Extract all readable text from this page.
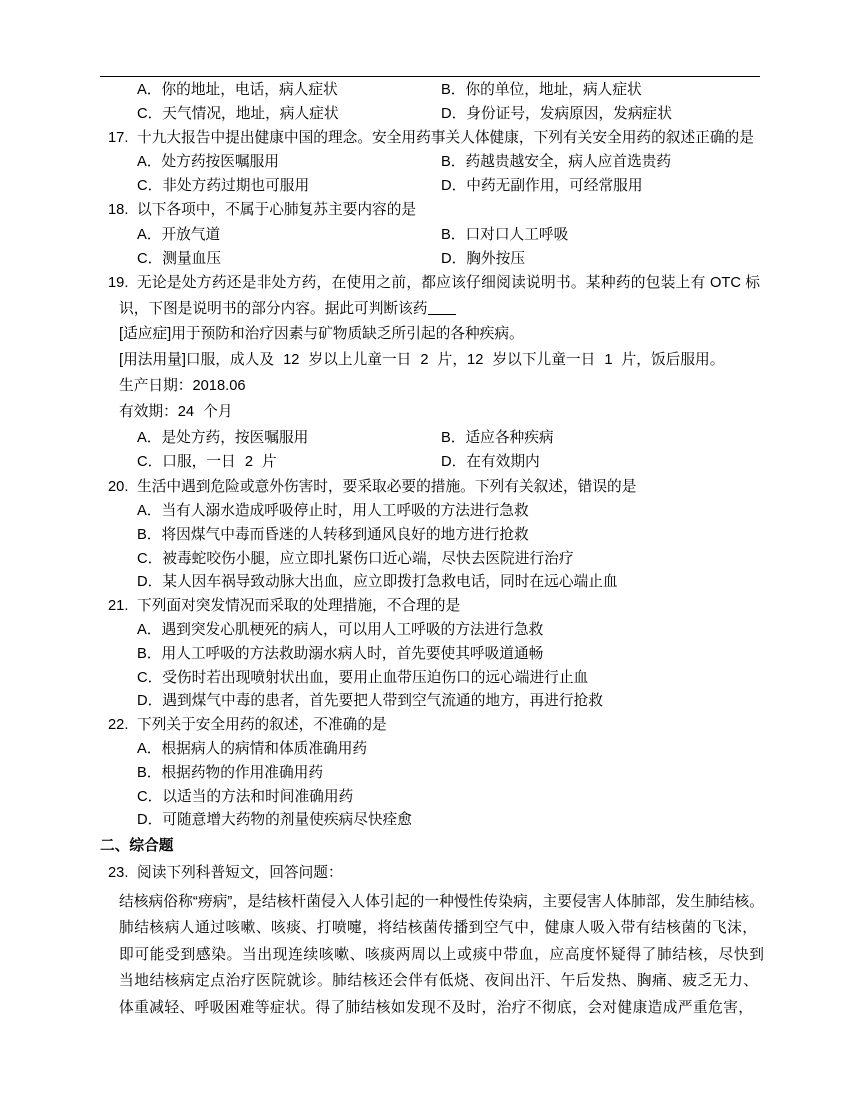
A．你的地址，电话，病人症状	B．你的单位，地址，病人症状
C．天气情况，地址，病人症状	D．身份证号，发病原因，发病症状
17. 十九大报告中提出健康中国的理念。安全用药事关人体健康，下列有关安全用药的叙述正确的是
A．处方药按医嘱服用	B．药越贵越安全，病人应首选贵药
C．非处方药过期也可服用	D．中药无副作用，可经常服用
18. 以下各项中，不属于心肺复苏主要内容的是
A．开放气道	B．口对口人工呼吸
C．测量血压	D．胸外按压
19. 无论是处方药还是非处方药，在使用之前，都应该仔细阅读说明书。某种药的包装上有 OTC 标
识，下图是说明书的部分内容。据此可判断该药
[适应症]用于预防和治疗因素与矿物质缺乏所引起的各种疾病。
[用法用量]口服，成人及 12 岁以上儿童一日 2 片，12 岁以下儿童一日 1 片，饭后服用。
生产日期：2018.06
有效期：24 个月
A．是处方药，按医嘱服用	B．适应各种疾病
C．口服，一日 2 片	D．在有效期内
20. 生活中遇到危险或意外伤害时，要采取必要的措施。下列有关叙述，错误的是
A．当有人溺水造成呼吸停止时，用人工呼吸的方法进行急救
B．将因煤气中毒而昏迷的人转移到通风良好的地方进行抢救
C．被毒蛇咬伤小腿，应立即扎紧伤口近心端，尽快去医院进行治疗
D．某人因车祸导致动脉大出血，应立即拨打急救电话，同时在远心端止血
21. 下列面对突发情况而采取的处理措施，不合理的是
A．遇到突发心肌梗死的病人，可以用人工呼吸的方法进行急救
B．用人工呼吸的方法救助溺水病人时，首先要使其呼吸道通畅
C．受伤时若出现喷射状出血，要用止血带压迫伤口的远心端进行止血
D．遇到煤气中毒的患者，首先要把人带到空气流通的地方，再进行抢救
22. 下列关于安全用药的叙述，不准确的是
A．根据病人的病情和体质准确用药
B．根据药物的作用准确用药
C．以适当的方法和时间准确用药
D．可随意增大药物的剂量使疾病尽快痊愈
二、综合题
23. 阅读下列科普短文，回答问题：
结核病俗称“痨病”，是结核杆菌侵入人体引起的一种慢性传染病，主要侵害人体肺部，发生肺结核。
肺结核病人通过咳嗽、咳痰、打喷嚏，将结核菌传播到空气中，健康人吸入带有结核菌的飞沫，
即可能受到感染。当出现连续咳嗽、咳痰两周以上或痰中带血，应高度怀疑得了肺结核，尽快到
当地结核病定点治疗医院就诊。肺结核还会伴有低烧、夜间出汗、午后发热、胸痛、疲乏无力、
体重减轻、呼吸困难等症状。得了肺结核如发现不及时，治疗不彻底，会对健康造成严重危害，
